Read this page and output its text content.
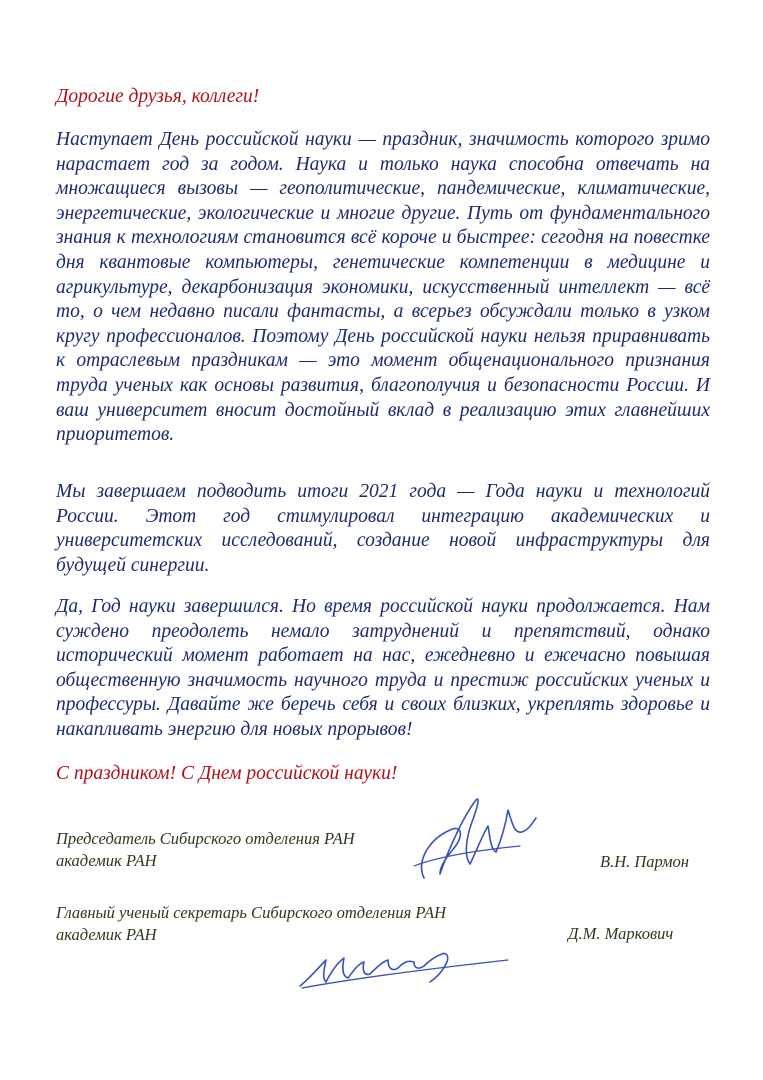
Дорогие друзья, коллеги!

Наступает День российской науки — праздник, значимость которого зримо нарастает год за годом. Наука и только наука способна отвечать на множащиеся вызовы — геополитические, пандемические, климатические, энергетические, экологические и многие другие. Путь от фундаментального знания к технологиям становится всё короче и быстрее: сегодня на повестке дня квантовые компьютеры, генетические компетенции в медицине и агрикультуре, декарбонизация экономики, искусственный интеллект — всё то, о чем недавно писали фантасты, а всерьез обсуждали только в узком кругу профессионалов. Поэтому День российской науки нельзя приравнивать к отраслевым праздникам — это момент общенационального признания труда ученых как основы развития, благополучия и безопасности России. И ваш университет вносит достойный вклад в реализацию этих главнейших приоритетов.

Мы завершаем подводить итоги 2021 года — Года науки и технологий России. Этот год стимулировал интеграцию академических и университетских исследований, создание новой инфраструктуры для будущей синергии.

Да, Год науки завершился. Но время российской науки продолжается. Нам суждено преодолеть немало затруднений и препятствий, однако исторический момент работает на нас, ежедневно и ежечасно повышая общественную значимость научного труда и престиж российских ученых и профессуры. Давайте же беречь себя и своих близких, укреплять здоровье и накапливать энергию для новых прорывов!

С праздником! С Днем российской науки!

Председатель Сибирского отделения РАН

академик РАН	В.Н. Пармон

Главный ученый секретарь Сибирского отделения РАН

академик РАН	Д.М. Маркович
